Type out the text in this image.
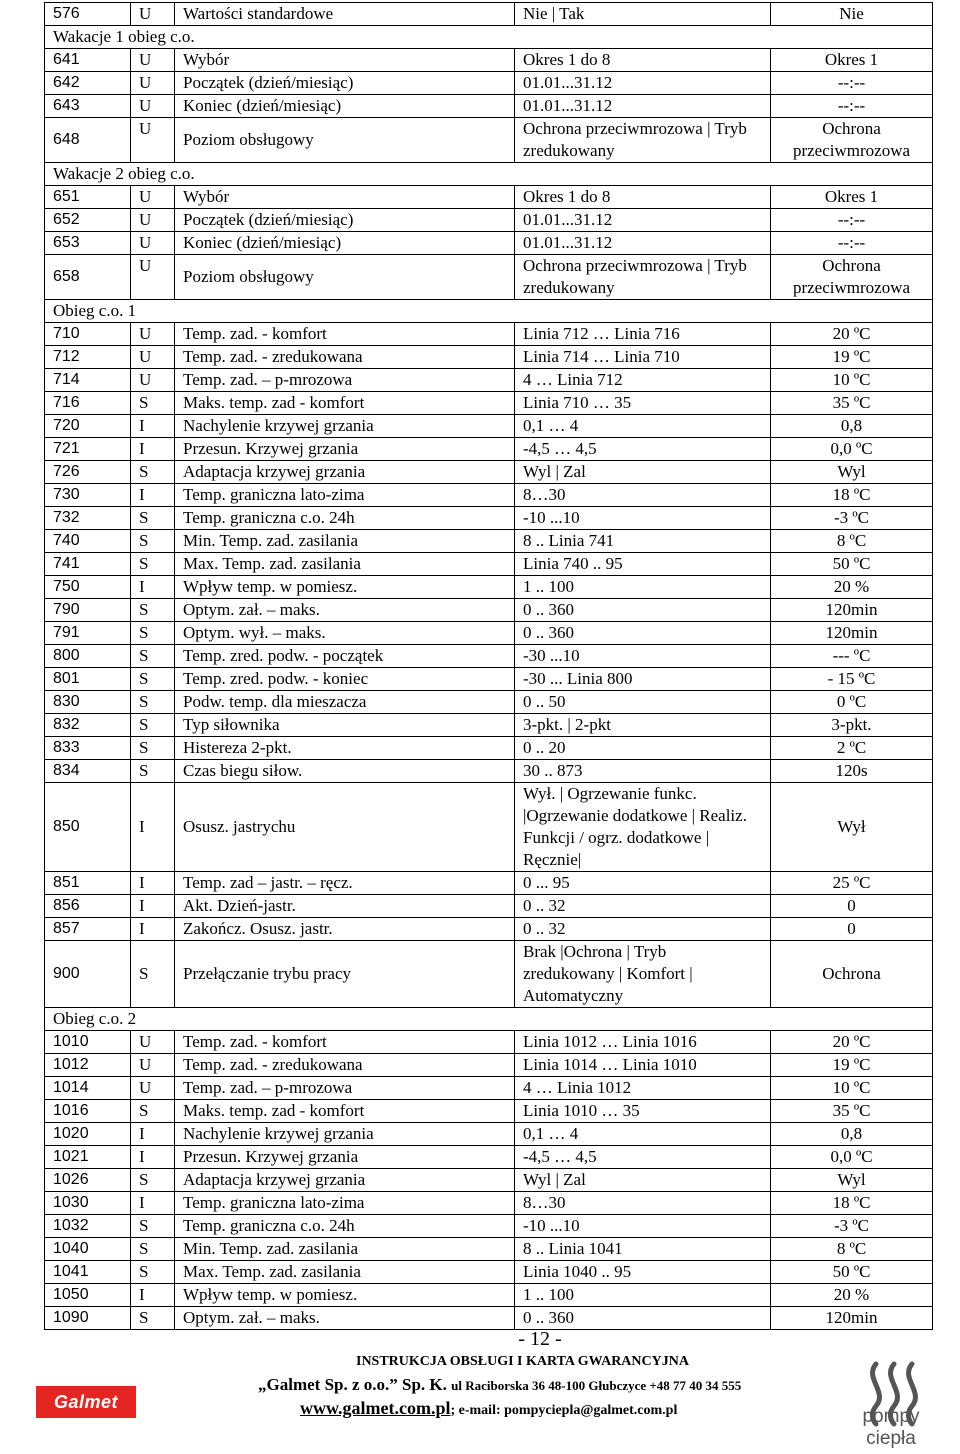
576	U	Wartości standardowe	Nie | Tak	Nie
Wakacje 1 obieg c.o.				
641	U	Wybór	Okres 1 do 8	Okres 1
642	U	Początek (dzień/miesiąc)	01.01...31.12	--:--
643	U	Koniec (dzień/miesiąc)	01.01...31.12	--:--
648	U	Poziom obsługowy	Ochrona przeciwmrozowa | Tryb zredukowany	Ochrona przeciwmrozowa
Wakacje 2 obieg c.o.				
651	U	Wybór	Okres 1 do 8	Okres 1
652	U	Początek (dzień/miesiąc)	01.01...31.12	--:--
653	U	Koniec (dzień/miesiąc)	01.01...31.12	--:--
658	U	Poziom obsługowy	Ochrona przeciwmrozowa | Tryb zredukowany	Ochrona przeciwmrozowa
Obieg c.o. 1				
710	U	Temp. zad. - komfort	Linia 712 … Linia 716	20 ºC
712	U	Temp. zad. - zredukowana	Linia 714 … Linia 710	19 ºC
714	U	Temp. zad. – p-mrozowa	4 … Linia 712	10 ºC
716	S	Maks. temp. zad - komfort	Linia 710 … 35	35 ºC
720	I	Nachylenie krzywej grzania	0,1 … 4	0,8
721	I	Przesun. Krzywej grzania	-4,5 … 4,5	0,0 ºC
726	S	Adaptacja krzywej grzania	Wyl | Zal	Wyl
730	I	Temp. graniczna lato-zima	8…30	18 ºC
732	S	Temp. graniczna c.o. 24h	-10 ...10	-3 ºC
740	S	Min. Temp. zad. zasilania	8 .. Linia 741	8 ºC
741	S	Max. Temp. zad. zasilania	Linia 740 .. 95	50 ºC
750	I	Wpływ temp. w pomiesz.	1 .. 100	20 %
790	S	Optym. zał. – maks.	0 .. 360	120min
791	S	Optym. wył. – maks.	0 .. 360	120min
800	S	Temp. zred. podw. - początek	-30 ...10	--- ºC
801	S	Temp. zred. podw. - koniec	-30 ... Linia 800	- 15 ºC
830	S	Podw. temp. dla mieszacza	0 .. 50	0 ºC
832	S	Typ siłownika	3-pkt. | 2-pkt	3-pkt.
833	S	Histereza 2-pkt.	0 .. 20	2 ºC
834	S	Czas biegu siłow.	30 .. 873	120s
850	I	Osusz. jastrychu	Wył. | Ogrzewanie funkc. |Ogrzewanie dodatkowe | Realiz. Funkcji / ogrz. dodatkowe | Ręcznie|	Wył
851	I	Temp. zad – jastr. – ręcz.	0 ... 95	25 ºC
856	I	Akt. Dzień-jastr.	0 .. 32	0
857	I	Zakończ. Osusz. jastr.	0 .. 32	0
900	S	Przełączanie trybu pracy	Brak |Ochrona | Tryb zredukowany | Komfort | Automatyczny	Ochrona
Obieg c.o. 2				
1010	U	Temp. zad. - komfort	Linia 1012 … Linia 1016	20 ºC
1012	U	Temp. zad. - zredukowana	Linia 1014 … Linia 1010	19 ºC
1014	U	Temp. zad. – p-mrozowa	4 … Linia 1012	10 ºC
1016	S	Maks. temp. zad - komfort	Linia 1010 … 35	35 ºC
1020	I	Nachylenie krzywej grzania	0,1 … 4	0,8
1021	I	Przesun. Krzywej grzania	-4,5 … 4,5	0,0 ºC
1026	S	Adaptacja krzywej grzania	Wyl | Zal	Wyl
1030	I	Temp. graniczna lato-zima	8…30	18 ºC
1032	S	Temp. graniczna c.o. 24h	-10 ...10	-3 ºC
1040	S	Min. Temp. zad. zasilania	8 .. Linia 1041	8 ºC
1041	S	Max. Temp. zad. zasilania	Linia 1040 .. 95	50 ºC
1050	I	Wpływ temp. w pomiesz.	1 .. 100	20 %
1090	S	Optym. zał. – maks.	0 .. 360	120min
- 12 -
INSTRUKCJA OBSŁUGI I KARTA GWARANCYJNA
„Galmet Sp. z o.o.” Sp. K. ul Raciborska 36 48-100 Głubczyce +48 77 40 34 555
www.galmet.com.pl; e-mail: pompyciepla@galmet.com.pl
Galmet
pompy ciepła
